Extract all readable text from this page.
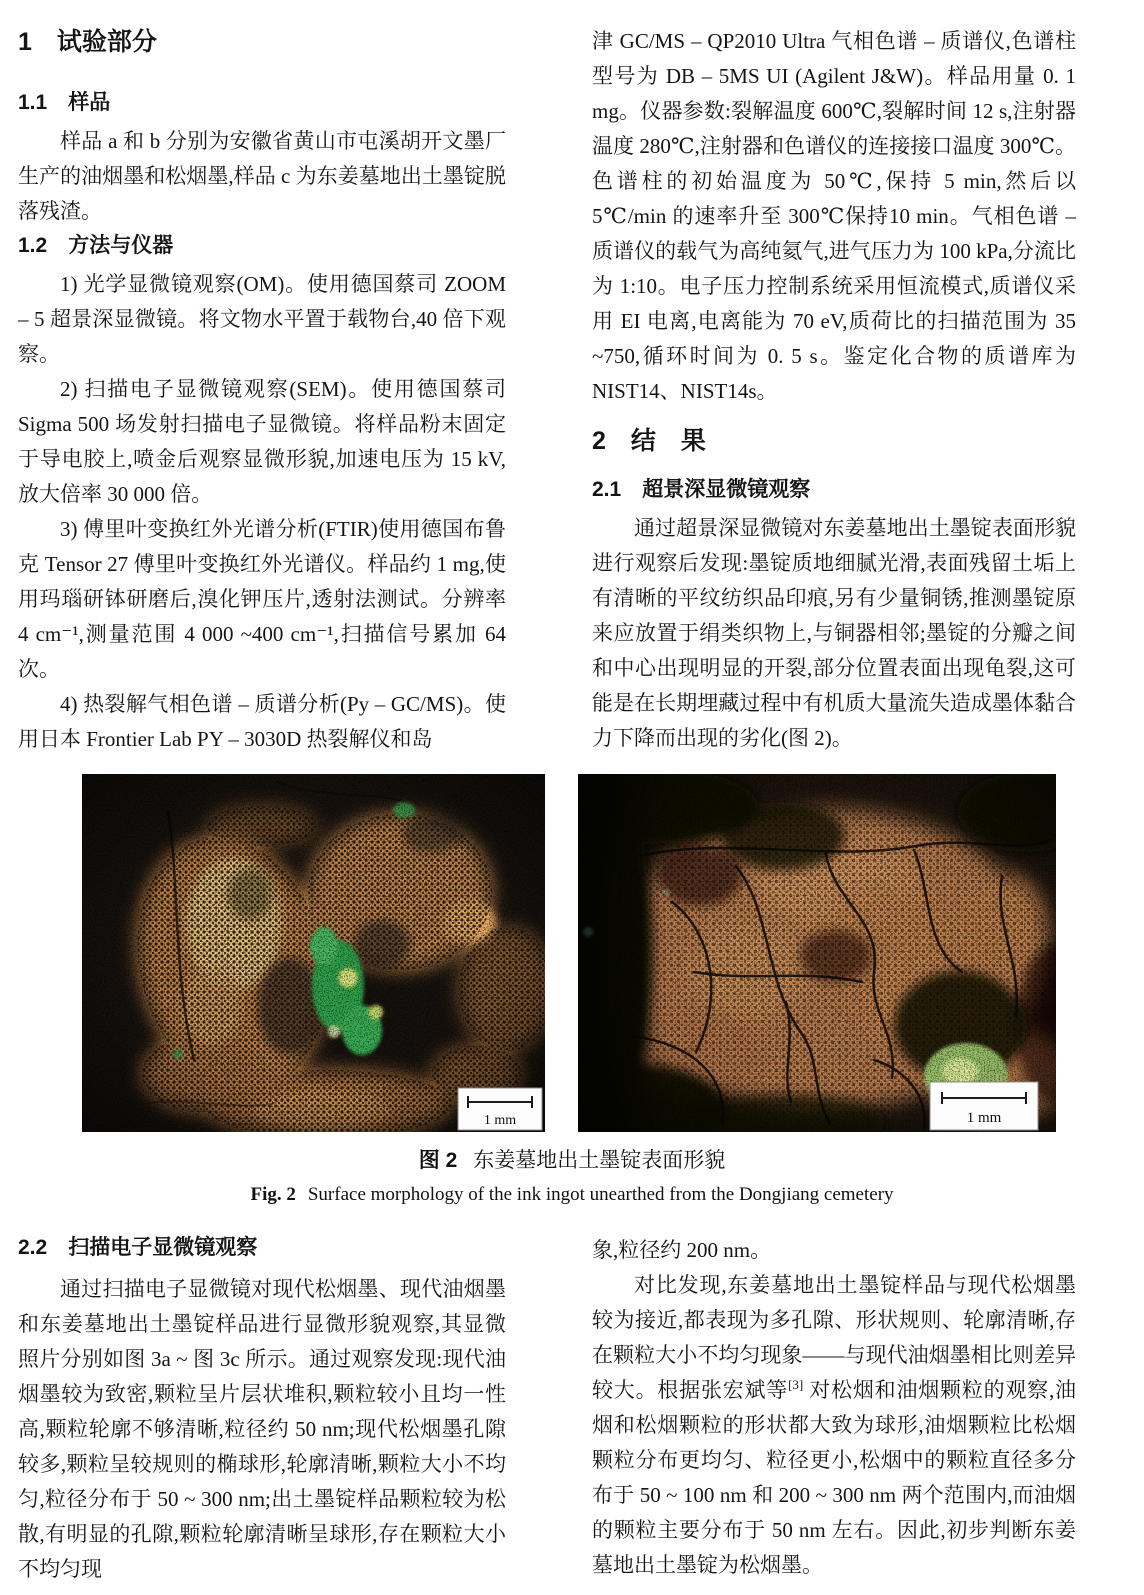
1　试验部分
1.1　样品

样品 a 和 b 分别为安徽省黄山市屯溪胡开文墨厂生产的油烟墨和松烟墨,样品 c 为东姜墓地出土墨锭脱落残渣。

1.2　方法与仪器

1) 光学显微镜观察(OM)。使用德国蔡司 ZOOM – 5 超景深显微镜。将文物水平置于载物台,40 倍下观察。

2) 扫描电子显微镜观察(SEM)。使用德国蔡司 Sigma 500 场发射扫描电子显微镜。将样品粉末固定于导电胶上,喷金后观察显微形貌,加速电压为 15 kV,放大倍率 30 000 倍。

3) 傅里叶变换红外光谱分析(FTIR)使用德国布鲁克 Tensor 27 傅里叶变换红外光谱仪。样品约 1 mg,使用玛瑙研钵研磨后,溴化钾压片,透射法测试。分辨率 4 cm⁻¹,测量范围 4 000 ~400 cm⁻¹,扫描信号累加 64 次。

4) 热裂解气相色谱 – 质谱分析(Py – GC/MS)。使用日本 Frontier Lab PY – 3030D 热裂解仪和岛

津 GC/MS – QP2010 Ultra 气相色谱 – 质谱仪,色谱柱型号为 DB – 5MS UI (Agilent J&W)。样品用量 0. 1 mg。仪器参数:裂解温度 600℃,裂解时间 12 s,注射器温度 280℃,注射器和色谱仪的连接接口温度 300℃。色谱柱的初始温度为 50℃,保持 5 min,然后以 5℃/min 的速率升至 300℃保持10 min。气相色谱 – 质谱仪的载气为高纯氦气,进气压力为 100 kPa,分流比为 1:10。电子压力控制系统采用恒流模式,质谱仪采用 EI 电离,电离能为 70 eV,质荷比的扫描范围为 35 ~750,循环时间为 0. 5 s。鉴定化合物的质谱库为 NIST14、NIST14s。

2　结　果
2.1　超景深显微镜观察

通过超景深显微镜对东姜墓地出土墨锭表面形貌进行观察后发现:墨锭质地细腻光滑,表面残留土垢上有清晰的平纹纺织品印痕,另有少量铜锈,推测墨锭原来应放置于绢类织物上,与铜器相邻;墨锭的分瓣之间和中心出现明显的开裂,部分位置表面出现龟裂,这可能是在长期埋藏过程中有机质大量流失造成墨体黏合力下降而出现的劣化(图 2)。

1 mm	1 mm
图 2 东姜墓地出土墨锭表面形貌
Fig. 2 Surface morphology of the ink ingot unearthed from the Dongjiang cemetery
2.2　扫描电子显微镜观察

通过扫描电子显微镜对现代松烟墨、现代油烟墨和东姜墓地出土墨锭样品进行显微形貌观察,其显微照片分别如图 3a ~ 图 3c 所示。通过观察发现:现代油烟墨较为致密,颗粒呈片层状堆积,颗粒较小且均一性高,颗粒轮廓不够清晰,粒径约 50 nm;现代松烟墨孔隙较多,颗粒呈较规则的椭球形,轮廓清晰,颗粒大小不均匀,粒径分布于 50 ~ 300 nm;出土墨锭样品颗粒较为松散,有明显的孔隙,颗粒轮廓清晰呈球形,存在颗粒大小不均匀现

象,粒径约 200 nm。

对比发现,东姜墓地出土墨锭样品与现代松烟墨较为接近,都表现为多孔隙、形状规则、轮廓清晰,存在颗粒大小不均匀现象——与现代油烟墨相比则差异较大。根据张宏斌等[3] 对松烟和油烟颗粒的观察,油烟和松烟颗粒的形状都大致为球形,油烟颗粒比松烟颗粒分布更均匀、粒径更小,松烟中的颗粒直径多分布于 50 ~ 100 nm 和 200 ~ 300 nm 两个范围内,而油烟的颗粒主要分布于 50 nm 左右。因此,初步判断东姜墓地出土墨锭为松烟墨。
